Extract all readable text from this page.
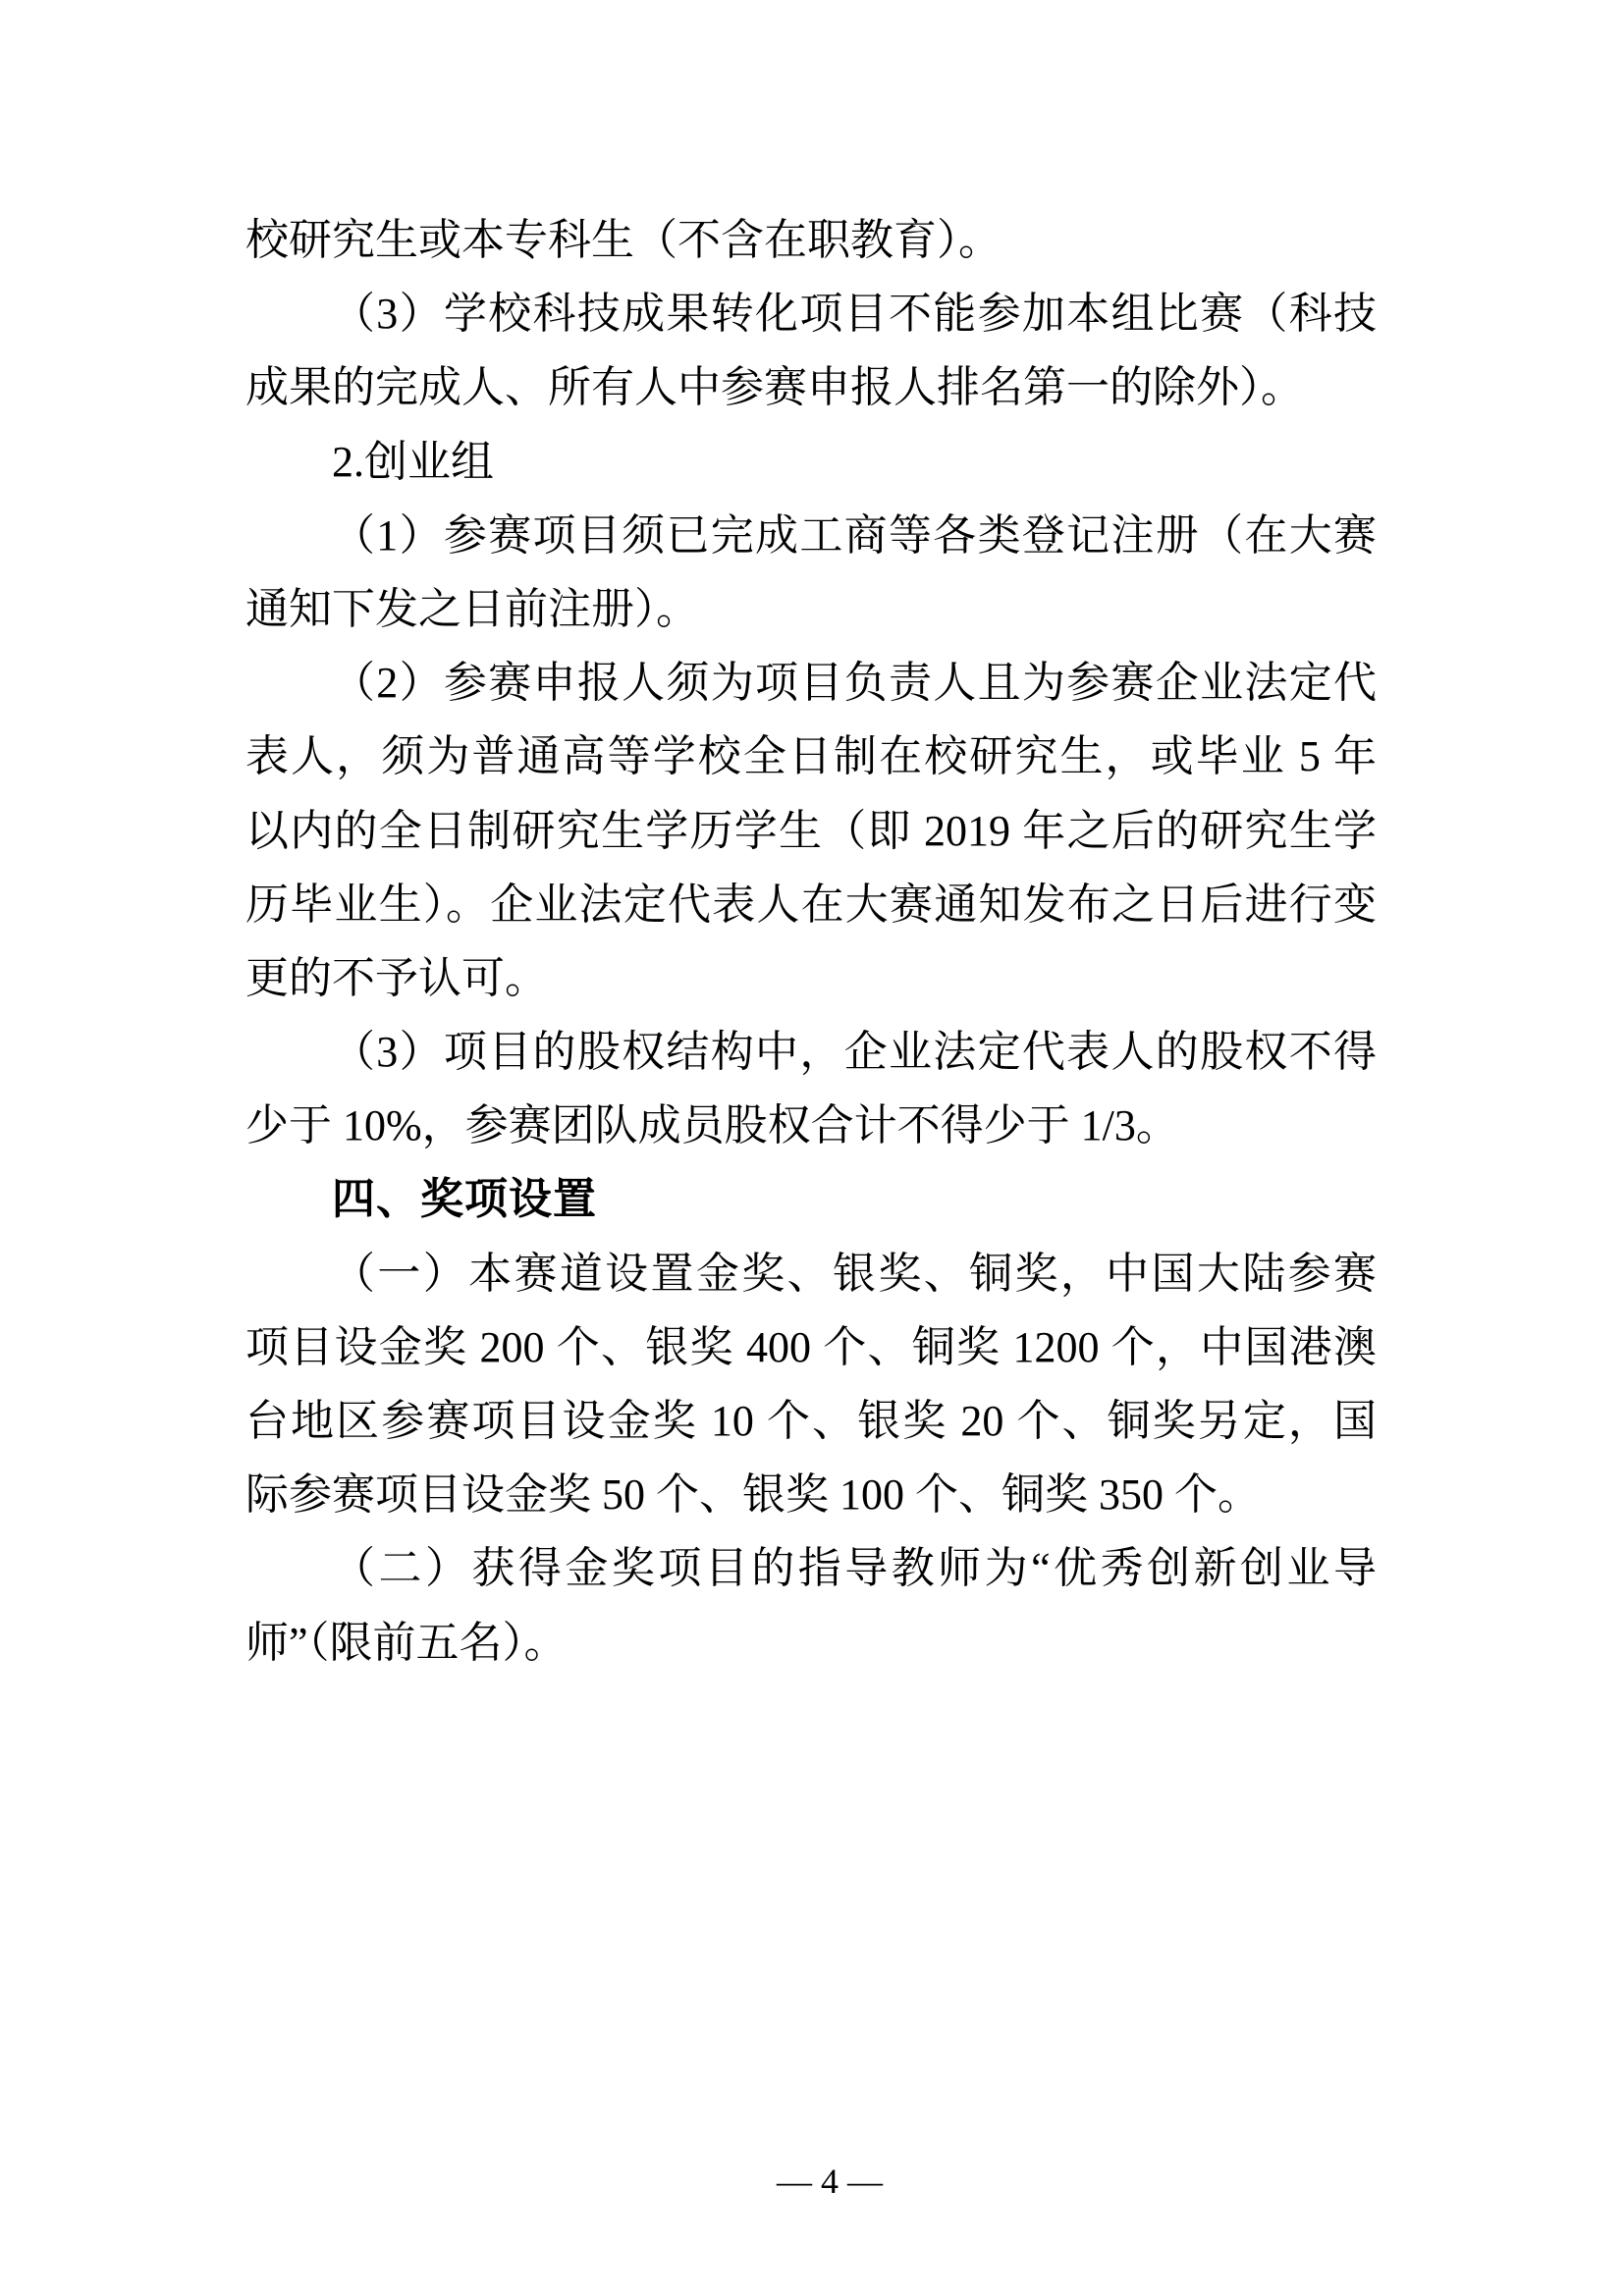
校研究生或本专科生（不含在职教育）。
（3）学校科技成果转化项目不能参加本组比赛（科技
成果的完成人、所有人中参赛申报人排名第一的除外）。
2.创业组
（1）参赛项目须已完成工商等各类登记注册（在大赛
通知下发之日前注册）。
（2）参赛申报人须为项目负责人且为参赛企业法定代
表人，须为普通高等学校全日制在校研究生，或毕业 5 年
以内的全日制研究生学历学生（即 2019 年之后的研究生学
历毕业生）。企业法定代表人在大赛通知发布之日后进行变
更的不予认可。
（3）项目的股权结构中，企业法定代表人的股权不得
少于 10%，参赛团队成员股权合计不得少于 1/3。
四、奖项设置
（一）本赛道设置金奖、银奖、铜奖，中国大陆参赛
项目设金奖 200 个、银奖 400 个、铜奖 1200 个，中国港澳
台地区参赛项目设金奖 10 个、银奖 20 个、铜奖另定，国
际参赛项目设金奖 50 个、银奖 100 个、铜奖 350 个。
（二）获得金奖项目的指导教师为“优秀创新创业导
师”（限前五名）。

— 4 —
